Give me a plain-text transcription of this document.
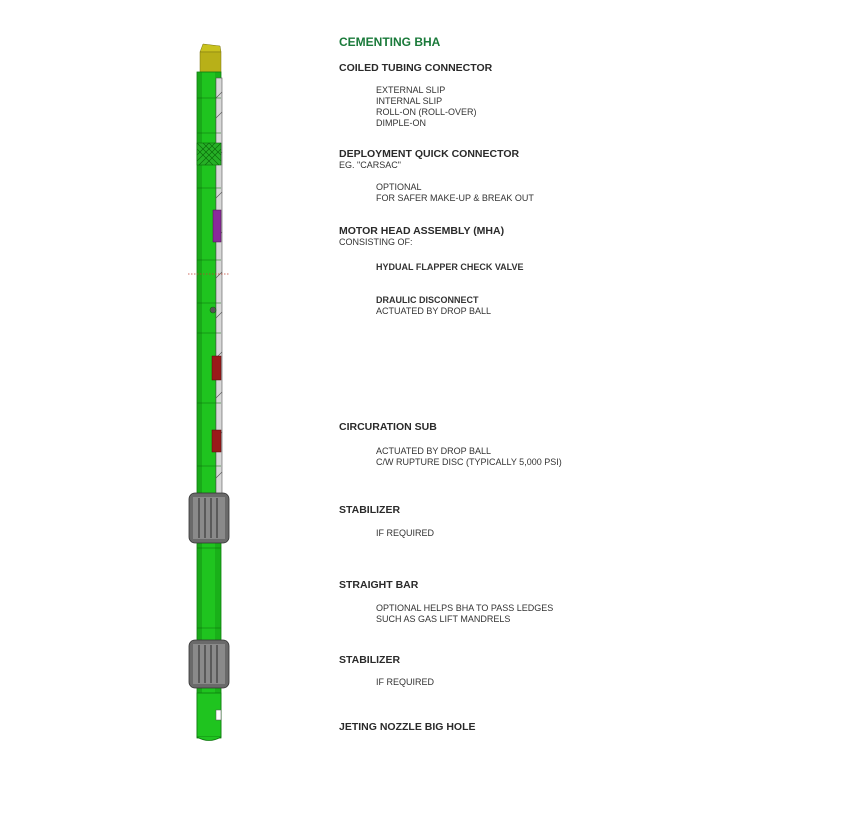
CEMENTING BHA
COILED TUBING CONNECTOR
EXTERNAL SLIP
INTERNAL SLIP
ROLL-ON (ROLL-OVER)
DIMPLE-ON
DEPLOYMENT QUICK CONNECTOR
EG. "CARSAC"
OPTIONAL
FOR SAFER MAKE-UP & BREAK OUT
MOTOR HEAD ASSEMBLY (MHA)
CONSISTING OF:
HYDUAL FLAPPER CHECK VALVE
DRAULIC DISCONNECT
ACTUATED BY DROP BALL
CIRCURATION SUB
ACTUATED BY DROP BALL
C/W RUPTURE DISC (TYPICALLY 5,000 PSI)
STABILIZER
IF REQUIRED
STRAIGHT BAR
OPTIONAL HELPS BHA TO PASS LEDGES
SUCH AS GAS LIFT MANDRELS
STABILIZER
IF REQUIRED
JETING NOZZLE BIG HOLE
